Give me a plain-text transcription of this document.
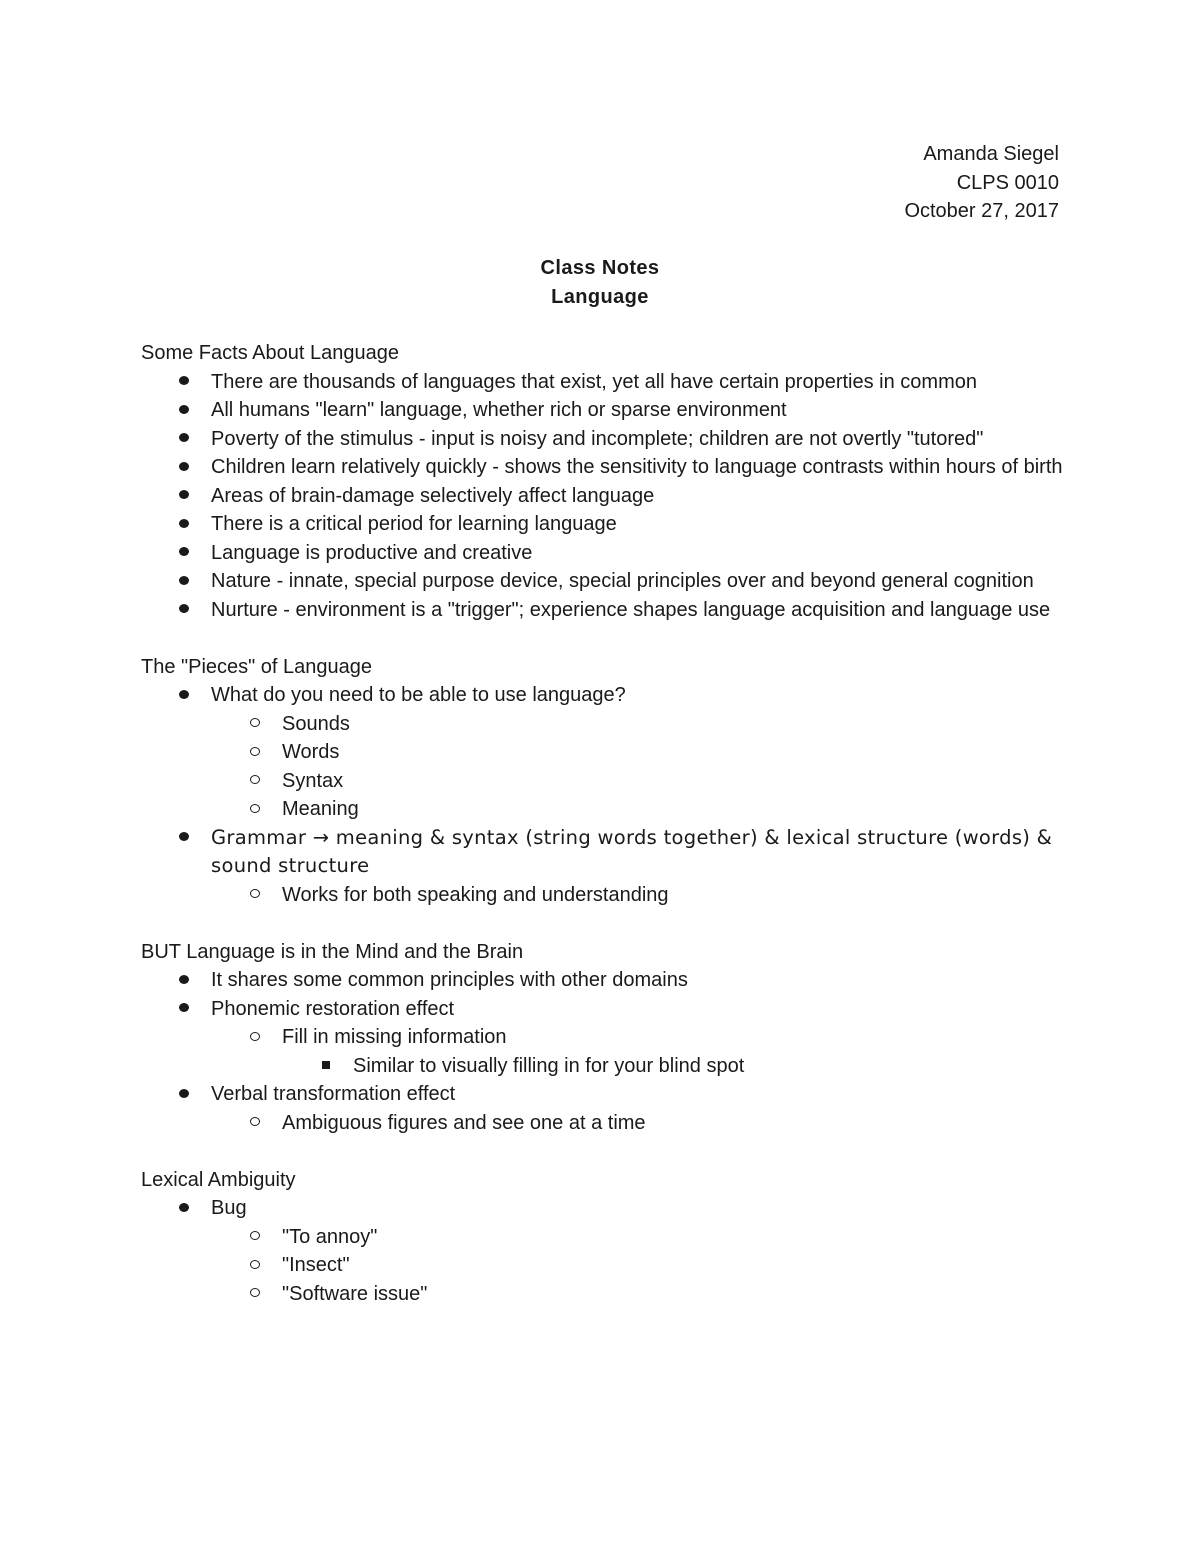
Amanda Siegel
CLPS 0010
October 27, 2017
Class Notes
Language
Some Facts About Language
There are thousands of languages that exist, yet all have certain properties in common
All humans "learn" language, whether rich or sparse environment
Poverty of the stimulus - input is noisy and incomplete; children are not overtly "tutored"
Children learn relatively quickly - shows the sensitivity to language contrasts within hours of birth
Areas of brain-damage selectively affect language
There is a critical period for learning language
Language is productive and creative
Nature - innate, special purpose device, special principles over and beyond general cognition
Nurture - environment is a "trigger"; experience shapes language acquisition and language use
The "Pieces" of Language
What do you need to be able to use language?
Sounds
Words
Syntax
Meaning
Grammar → meaning & syntax (string words together) & lexical structure (words) & sound structure
Works for both speaking and understanding
BUT Language is in the Mind and the Brain
It shares some common principles with other domains
Phonemic restoration effect
Fill in missing information
Similar to visually filling in for your blind spot
Verbal transformation effect
Ambiguous figures and see one at a time
Lexical Ambiguity
Bug
"To annoy"
"Insect"
"Software issue"
